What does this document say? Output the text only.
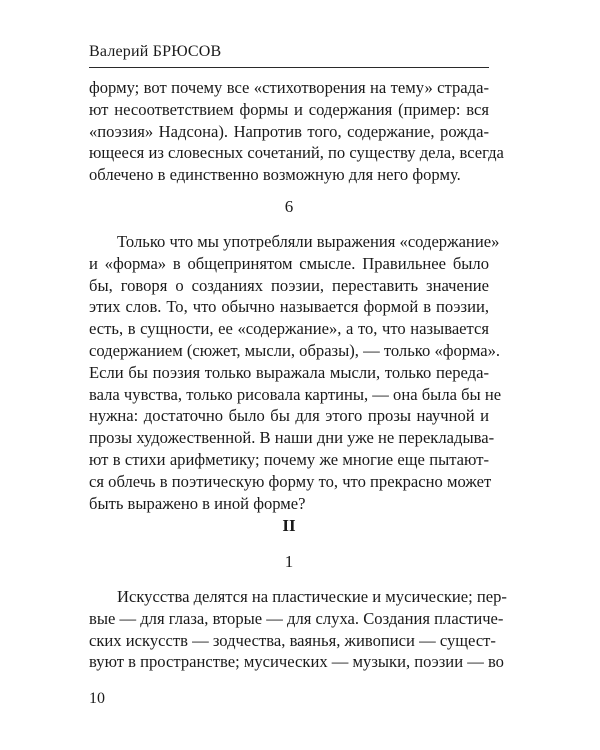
Валерий БРЮСОВ
форму; вот почему все «стихотворения на тему» страда-
ют несоответствием формы и содержания (пример: вся
«поэзия» Надсона). Напротив того, содержание, рожда-
ющееся из словесных сочетаний, по существу дела, всегда
облечено в единственно возможную для него форму.
6
Только что мы употребляли выражения «содержание»
и «форма» в общепринятом смысле. Правильнее было
бы, говоря о созданиях поэзии, переставить значение
этих слов. То, что обычно называется формой в поэзии,
есть, в сущности, ее «содержание», а то, что называется
содержанием (сюжет, мысли, образы), — только «форма».
Если бы поэзия только выражала мысли, только переда-
вала чувства, только рисовала картины, — она была бы не
нужна: достаточно было бы для этого прозы научной и
прозы художественной. В наши дни уже не перекладыва-
ют в стихи арифметику; почему же многие еще пытают-
ся облечь в поэтическую форму то, что прекрасно может
быть выражено в иной форме?
II
1
Искусства делятся на пластические и мусические; пер-
вые — для глаза, вторые — для слуха. Создания пластиче-
ских искусств — зодчества, ваянья, живописи — сущест-
вуют в пространстве; мусических — музыки, поэзии — во
10
